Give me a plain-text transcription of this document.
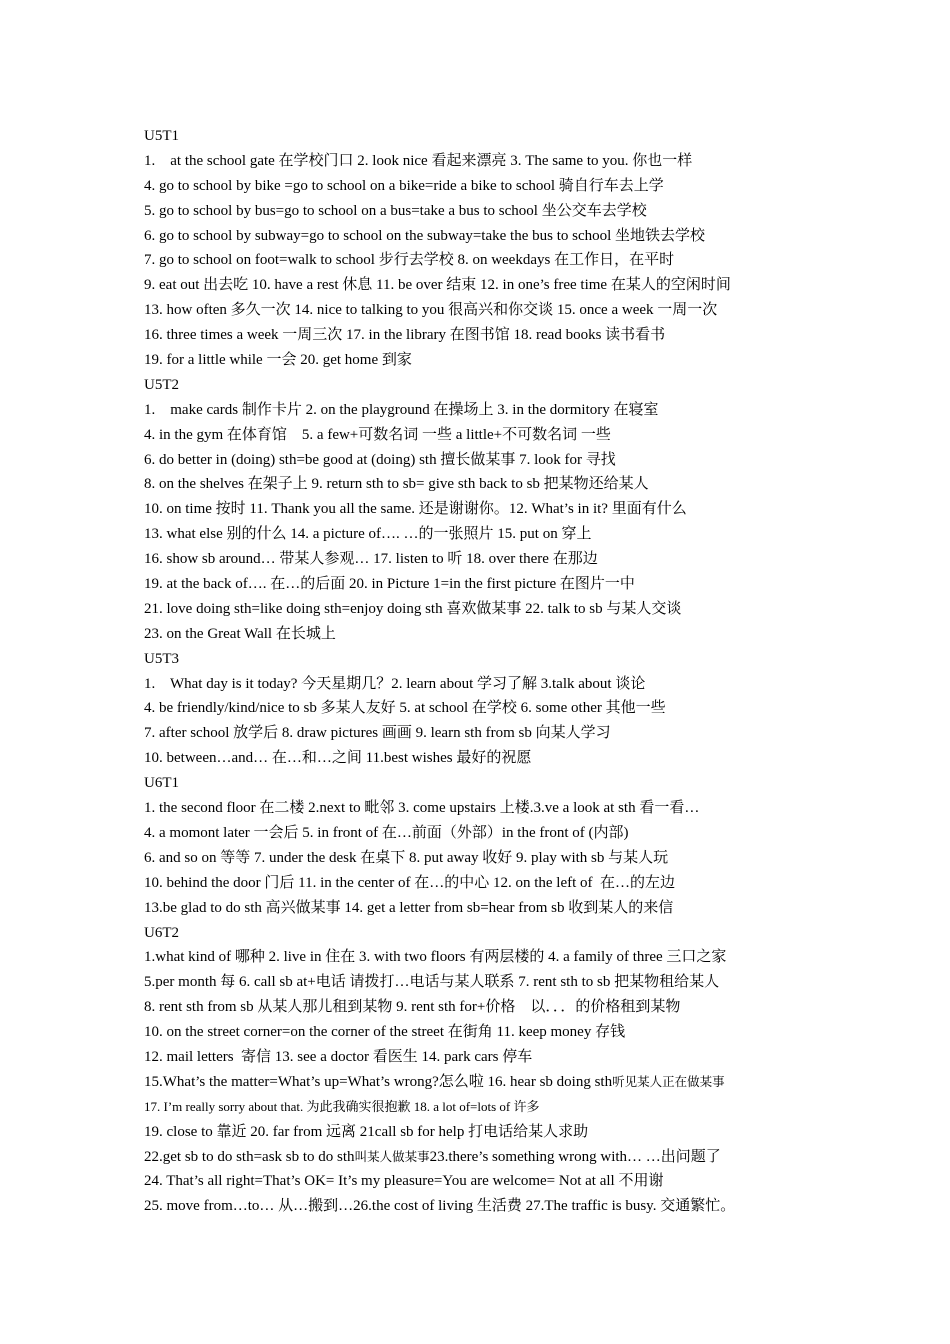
U5T1
1.    at the school gate 在学校门口 2. look nice 看起来漂亮 3. The same to you. 你也一样
4. go to school by bike =go to school on a bike=ride a bike to school 骑自行车去上学
5. go to school by bus=go to school on a bus=take a bus to school 坐公交车去学校
6. go to school by subway=go to school on the subway=take the bus to school 坐地铁去学校
7. go to school on foot=walk to school 步行去学校 8. on weekdays 在工作日，在平时
9. eat out 出去吃 10. have a rest 休息 11. be over 结束 12. in one’s free time 在某人的空闲时间
13. how often 多久一次 14. nice to talking to you 很高兴和你交谈 15. once a week 一周一次
16. three times a week 一周三次 17. in the library 在图书馆 18. read books 读书看书
19. for a little while 一会 20. get home 到家
U5T2
1.    make cards 制作卡片 2. on the playground 在操场上 3. in the dormitory 在寝室
4. in the gym 在体育馆    5. a few+可数名词 一些 a little+不可数名词 一些
6. do better in (doing) sth=be good at (doing) sth 擅长做某事 7. look for 寻找
8. on the shelves 在架子上 9. return sth to sb= give sth back to sb 把某物还给某人
10. on time 按时 11. Thank you all the same. 还是谢谢你。12. What’s in it? 里面有什么
13. what else 别的什么 14. a picture of…. …的一张照片 15. put on 穿上
16. show sb around… 带某人参观… 17. listen to 听 18. over there 在那边
19. at the back of…. 在…的后面 20. in Picture 1=in the first picture 在图片一中
21. love doing sth=like doing sth=enjoy doing sth 喜欢做某事 22. talk to sb 与某人交谈
23. on the Great Wall 在长城上
U5T3
1.    What day is it today? 今天星期几？2. learn about 学习了解 3.talk about 谈论
4. be friendly/kind/nice to sb 多某人友好 5. at school 在学校 6. some other 其他一些
7. after school 放学后 8. draw pictures 画画 9. learn sth from sb 向某人学习
10. between…and… 在…和…之间 11.best wishes 最好的祝愿
U6T1
1. the second floor 在二楼 2.next to 毗邻 3. come upstairs 上楼.3.ve a look at sth 看一看…
4. a momont later 一会后 5. in front of 在…前面（外部）in the front of (内部)
6. and so on 等等 7. under the desk 在桌下 8. put away 收好 9. play with sb 与某人玩
10. behind the door 门后 11. in the center of 在…的中心 12. on the left of  在…的左边
13.be glad to do sth 高兴做某事 14. get a letter from sb=hear from sb 收到某人的来信
U6T2
1.what kind of 哪种 2. live in 住在 3. with two floors 有两层楼的 4. a family of three 三口之家
5.per month 每 6. call sb at+电话 请拨打…电话与某人联系 7. rent sth to sb 把某物租给某人
8. rent sth from sb 从某人那儿租到某物 9. rent sth for+价格    以．．．的价格租到某物
10. on the street corner=on the corner of the street 在街角 11. keep money 存钱
12. mail letters  寄信 13. see a doctor 看医生 14. park cars 停车
15.What’s the matter=What’s up=What’s wrong?怎么啦 16. hear sb doing sth听见某人正在做某事
17. I’m really sorry about that. 为此我确实很抱歉 18. a lot of=lots of 许多
19. close to 靠近 20. far from 远离 21call sb for help 打电话给某人求助
22.get sb to do sth=ask sb to do sth叫某人做某事23.there’s something wrong with… …出问题了
24. That’s all right=That’s OK= It’s my pleasure=You are welcome= Not at all 不用谢
25. move from…to… 从…搬到…26.the cost of living 生活费 27.The traffic is busy. 交通繁忙。
